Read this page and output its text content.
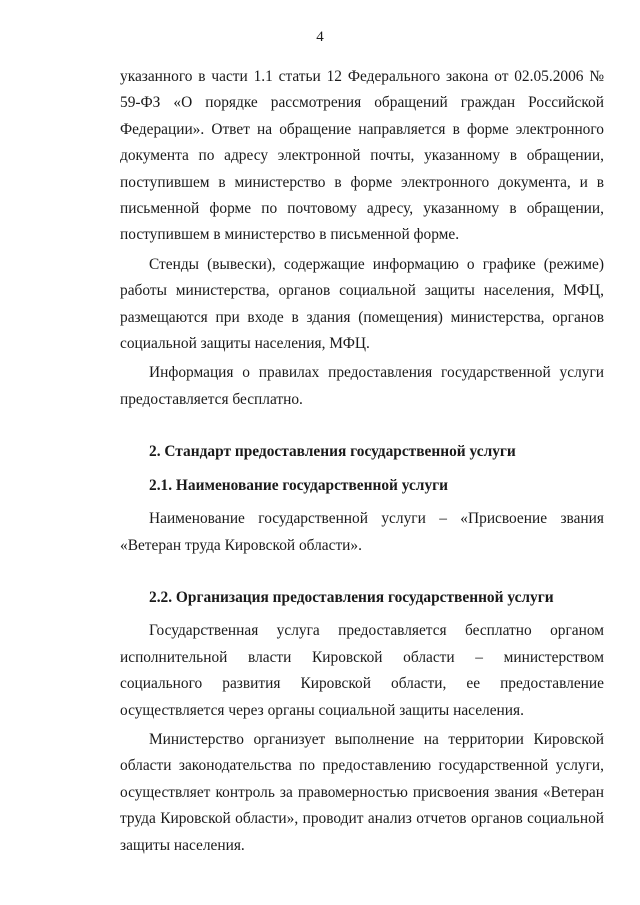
4

указанного в части 1.1 статьи 12 Федерального закона от 02.05.2006 № 59-ФЗ «О порядке рассмотрения обращений граждан Российской Федерации». Ответ на обращение направляется в форме электронного документа по адресу электронной почты, указанному в обращении, поступившем в министерство в форме электронного документа, и в письменной форме по почтовому адресу, указанному в обращении, поступившем в министерство в письменной форме.

Стенды (вывески), содержащие информацию о графике (режиме) работы министерства, органов социальной защиты населения, МФЦ, размещаются при входе в здания (помещения) министерства, органов социальной защиты населения, МФЦ.

Информация о правилах предоставления государственной услуги предоставляется бесплатно.

2. Стандарт предоставления государственной услуги
2.1. Наименование государственной услуги

Наименование государственной услуги – «Присвоение звания «Ветеран труда Кировской области».

2.2. Организация предоставления государственной услуги

Государственная услуга предоставляется бесплатно органом исполнительной власти Кировской области – министерством социального развития Кировской области, ее предоставление осуществляется через органы социальной защиты населения.

Министерство организует выполнение на территории Кировской области законодательства по предоставлению государственной услуги, осуществляет контроль за правомерностью присвоения звания «Ветеран труда Кировской области», проводит анализ отчетов органов социальной защиты населения.
